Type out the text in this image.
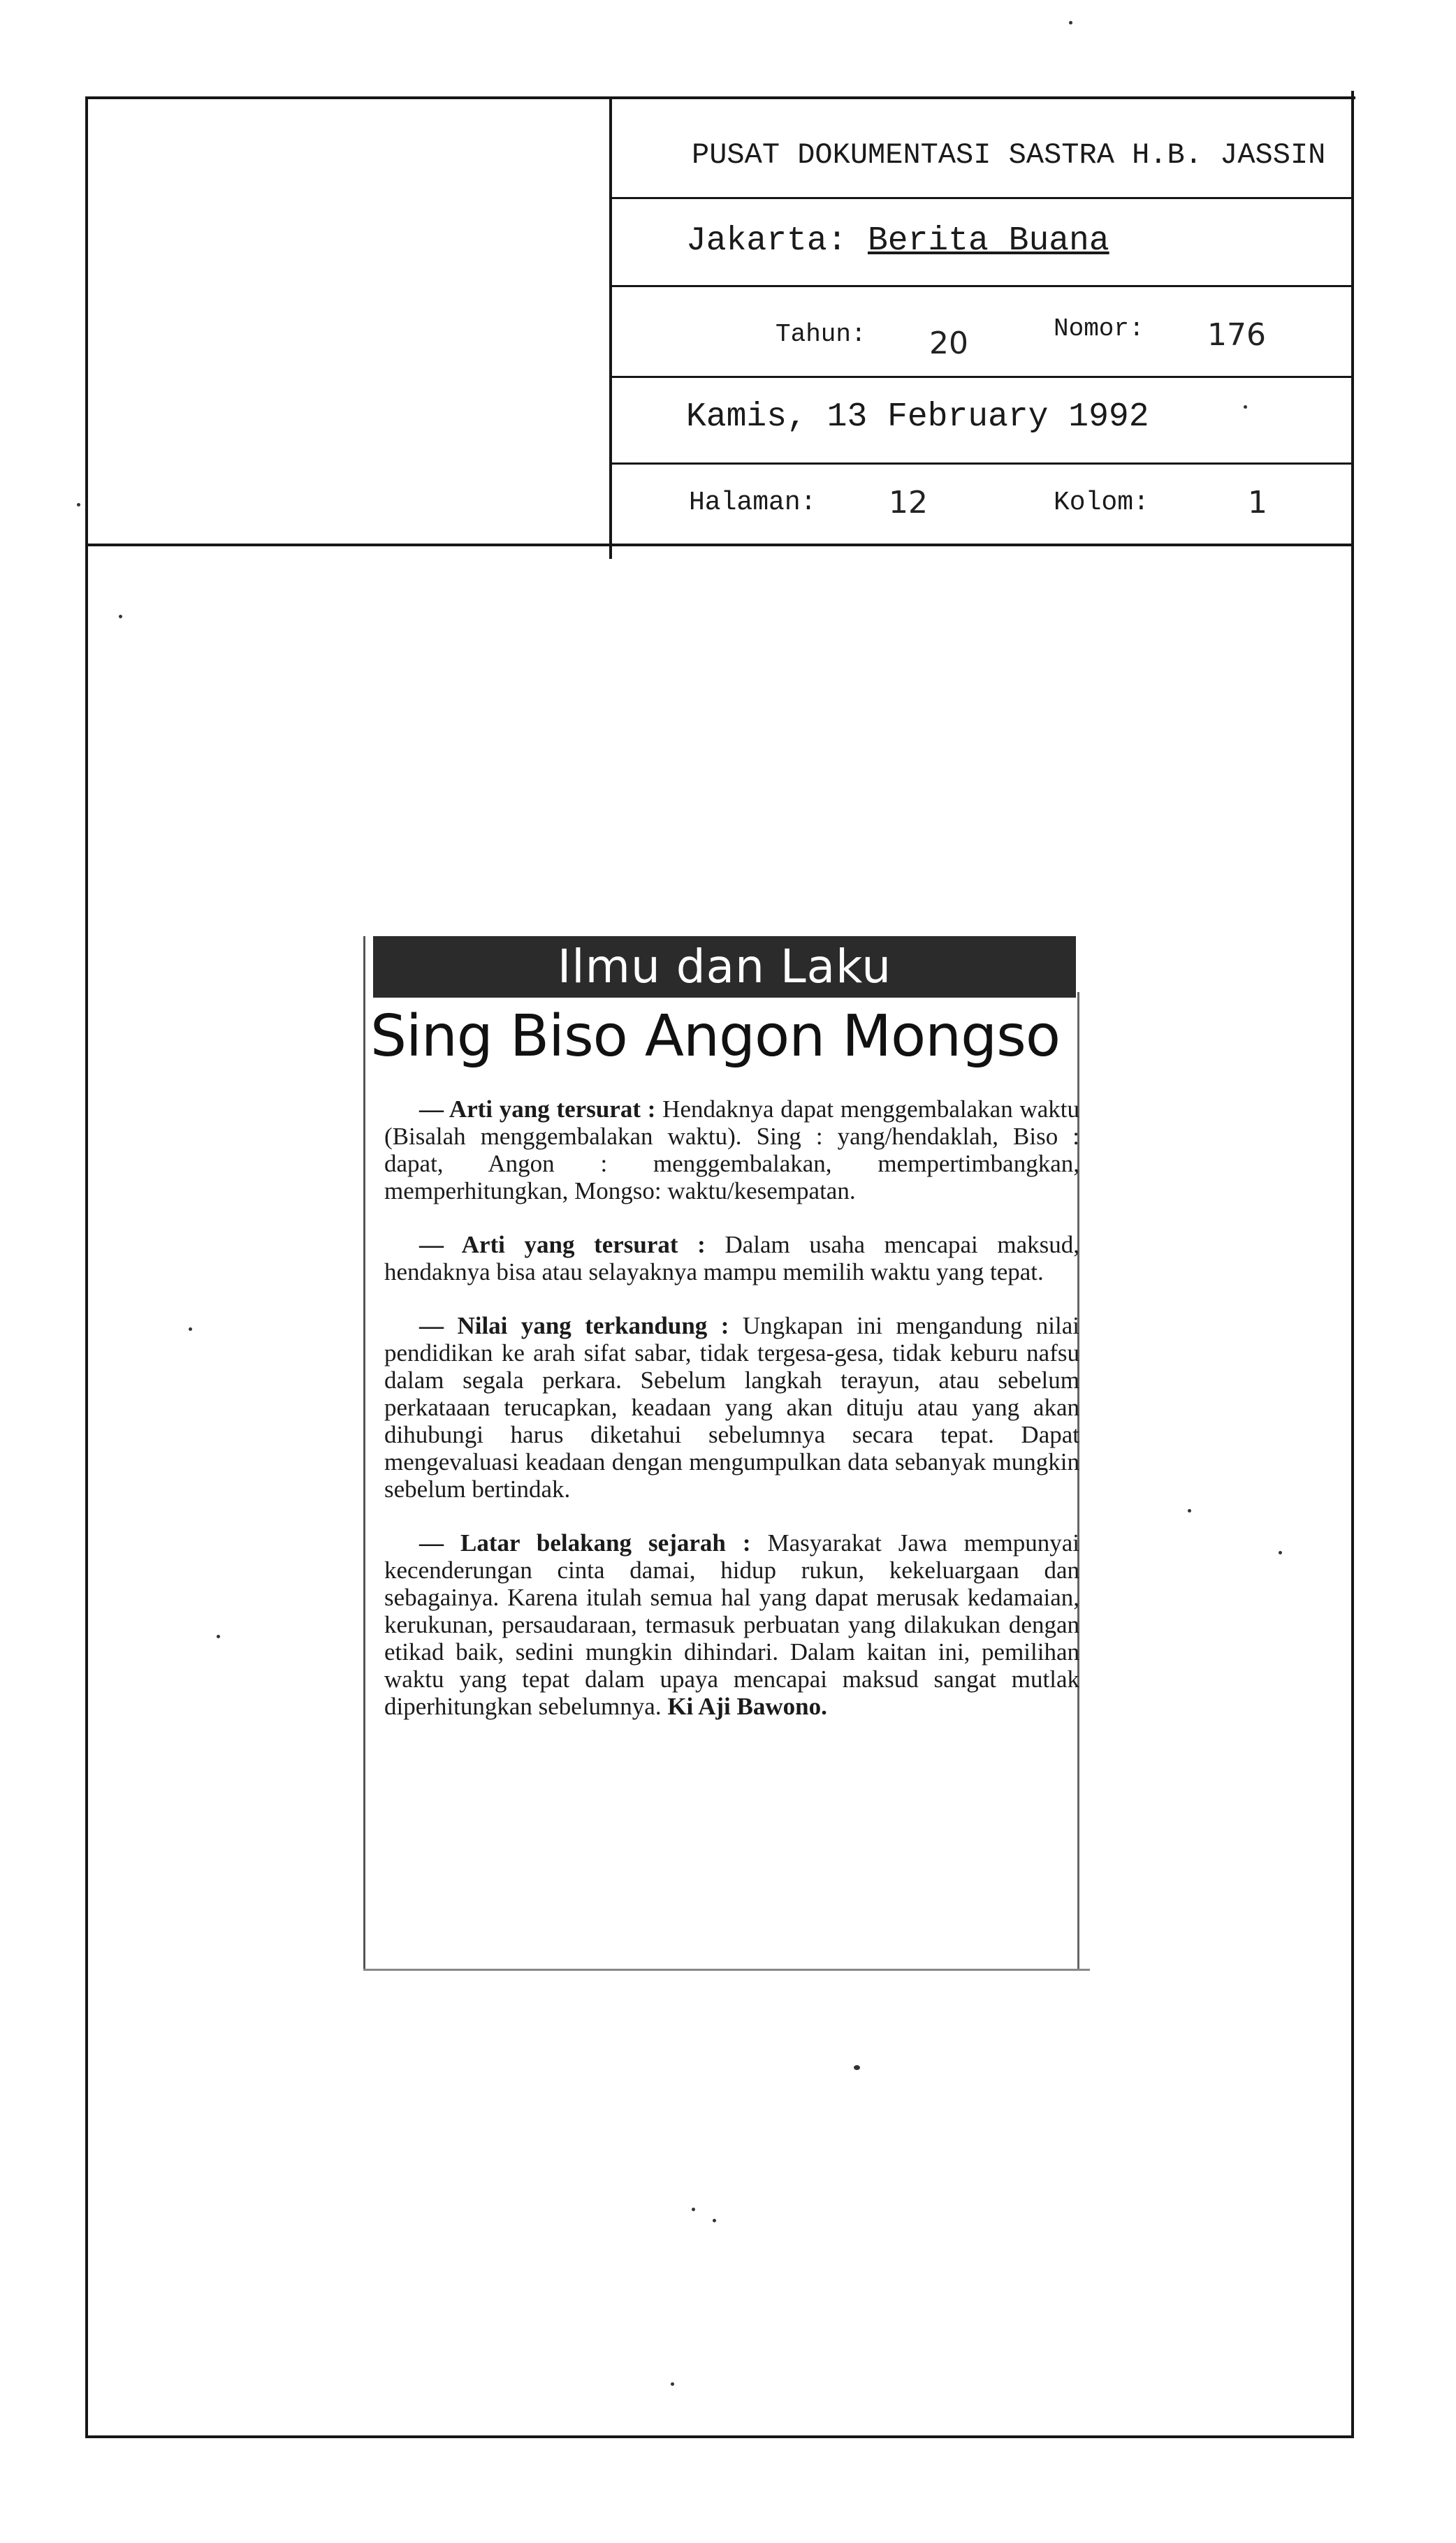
PUSAT DOKUMENTASI SASTRA H.B. JASSIN
Jakarta: Berita Buana
Tahun: 20	Nomor: 176
Kamis, 13 February 1992
Halaman: 12	Kolom:	1
Ilmu dan Laku
Sing Biso Angon Mongso

— Arti yang tersurat : Hendaknya dapat menggembalakan waktu (Bisalah menggembalakan waktu). Sing : yang/hendaklah, Biso : dapat, Angon : menggembalakan, mempertimbangkan, memperhitungkan, Mongso: waktu/kesempatan.

— Arti yang tersurat : Dalam usaha mencapai maksud, hendaknya bisa atau selayaknya mampu memilih waktu yang tepat.

— Nilai yang terkandung : Ungkapan ini mengandung nilai pendidikan ke arah sifat sabar, tidak tergesa-gesa, tidak keburu nafsu dalam segala perkara. Sebelum langkah terayun, atau sebelum perkataaan terucapkan, keadaan yang akan dituju atau yang akan dihubungi harus diketahui sebelumnya secara tepat. Dapat mengevaluasi keadaan dengan mengumpulkan data sebanyak mungkin sebelum bertindak.

— Latar belakang sejarah : Masyarakat Jawa mempunyai kecenderungan cinta damai, hidup rukun, kekeluargaan dan sebagainya. Karena itulah semua hal yang dapat merusak kedamaian, kerukunan, persaudaraan, termasuk perbuatan yang dilakukan dengan etikad baik, sedini mungkin dihindari. Dalam kaitan ini, pemilihan waktu yang tepat dalam upaya mencapai maksud sangat mutlak diperhitungkan sebelumnya. Ki Aji Bawono.
